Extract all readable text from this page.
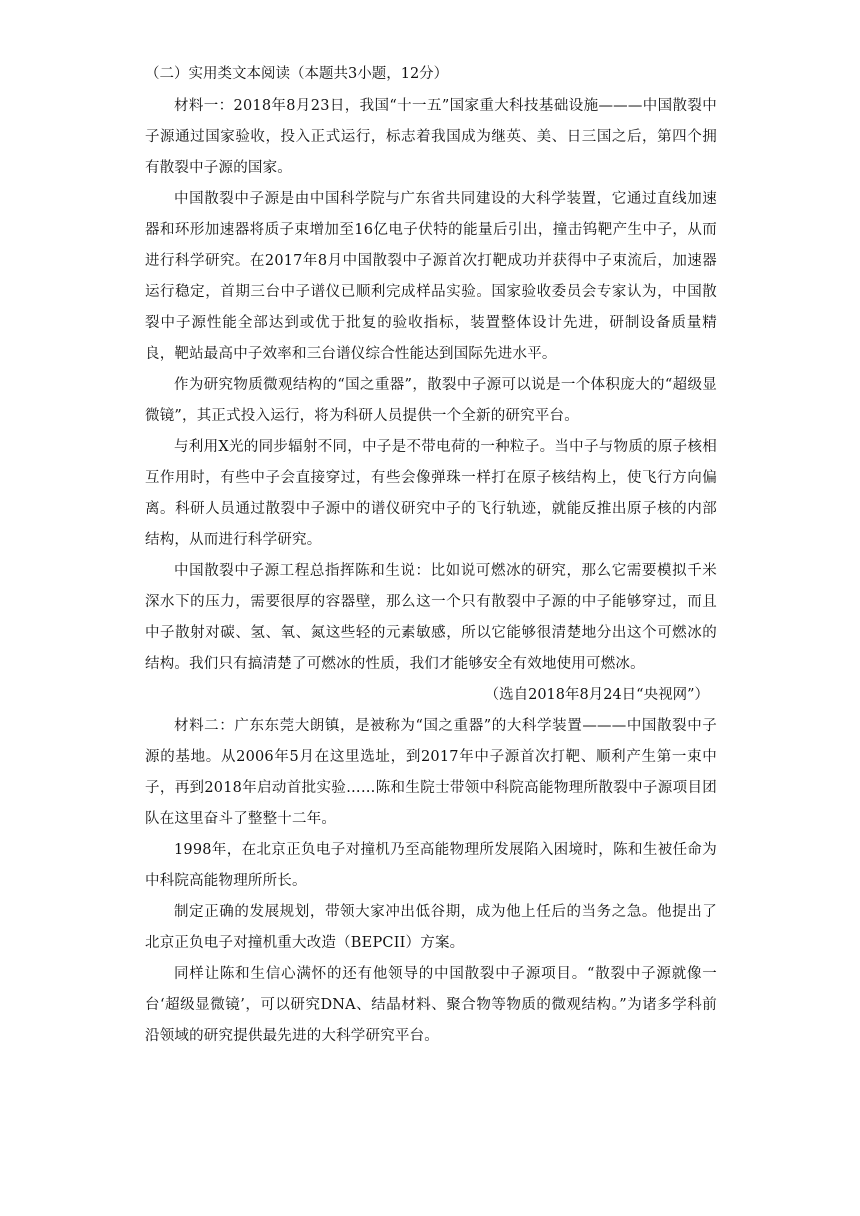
（二）实用类文本阅读（本题共3小题，12分）

材料一：2018年8月23日，我国“十一五”国家重大科技基础设施———中国散裂中子源通过国家验收，投入正式运行，标志着我国成为继英、美、日三国之后，第四个拥有散裂中子源的国家。

中国散裂中子源是由中国科学院与广东省共同建设的大科学装置，它通过直线加速器和环形加速器将质子束增加至16亿电子伏特的能量后引出，撞击钨靶产生中子，从而进行科学研究。在2017年8月中国散裂中子源首次打靶成功并获得中子束流后，加速器运行稳定，首期三台中子谱仪已顺利完成样品实验。国家验收委员会专家认为，中国散裂中子源性能全部达到或优于批复的验收指标，装置整体设计先进，研制设备质量精良，靶站最高中子效率和三台谱仪综合性能达到国际先进水平。

作为研究物质微观结构的“国之重器”，散裂中子源可以说是一个体积庞大的“超级显微镜”，其正式投入运行，将为科研人员提供一个全新的研究平台。

与利用X光的同步辐射不同，中子是不带电荷的一种粒子。当中子与物质的原子核相互作用时，有些中子会直接穿过，有些会像弹珠一样打在原子核结构上，使飞行方向偏离。科研人员通过散裂中子源中的谱仪研究中子的飞行轨迹，就能反推出原子核的内部结构，从而进行科学研究。

中国散裂中子源工程总指挥陈和生说：比如说可燃冰的研究，那么它需要模拟千米深水下的压力，需要很厚的容器壁，那么这一个只有散裂中子源的中子能够穿过，而且中子散射对碳、氢、氧、氮这些轻的元素敏感，所以它能够很清楚地分出这个可燃冰的结构。我们只有搞清楚了可燃冰的性质，我们才能够安全有效地使用可燃冰。

（选自2018年8月24日“央视网”）

材料二：广东东莞大朗镇，是被称为“国之重器”的大科学装置———中国散裂中子源的基地。从2006年5月在这里选址，到2017年中子源首次打靶、顺利产生第一束中子，再到2018年启动首批实验……陈和生院士带领中科院高能物理所散裂中子源项目团队在这里奋斗了整整十二年。

1998年，在北京正负电子对撞机乃至高能物理所发展陷入困境时，陈和生被任命为中科院高能物理所所长。

制定正确的发展规划，带领大家冲出低谷期，成为他上任后的当务之急。他提出了北京正负电子对撞机重大改造（BEPCII）方案。

同样让陈和生信心满怀的还有他领导的中国散裂中子源项目。“散裂中子源就像一台‘超级显微镜’，可以研究DNA、结晶材料、聚合物等物质的微观结构。”为诸多学科前沿领域的研究提供最先进的大科学研究平台。
